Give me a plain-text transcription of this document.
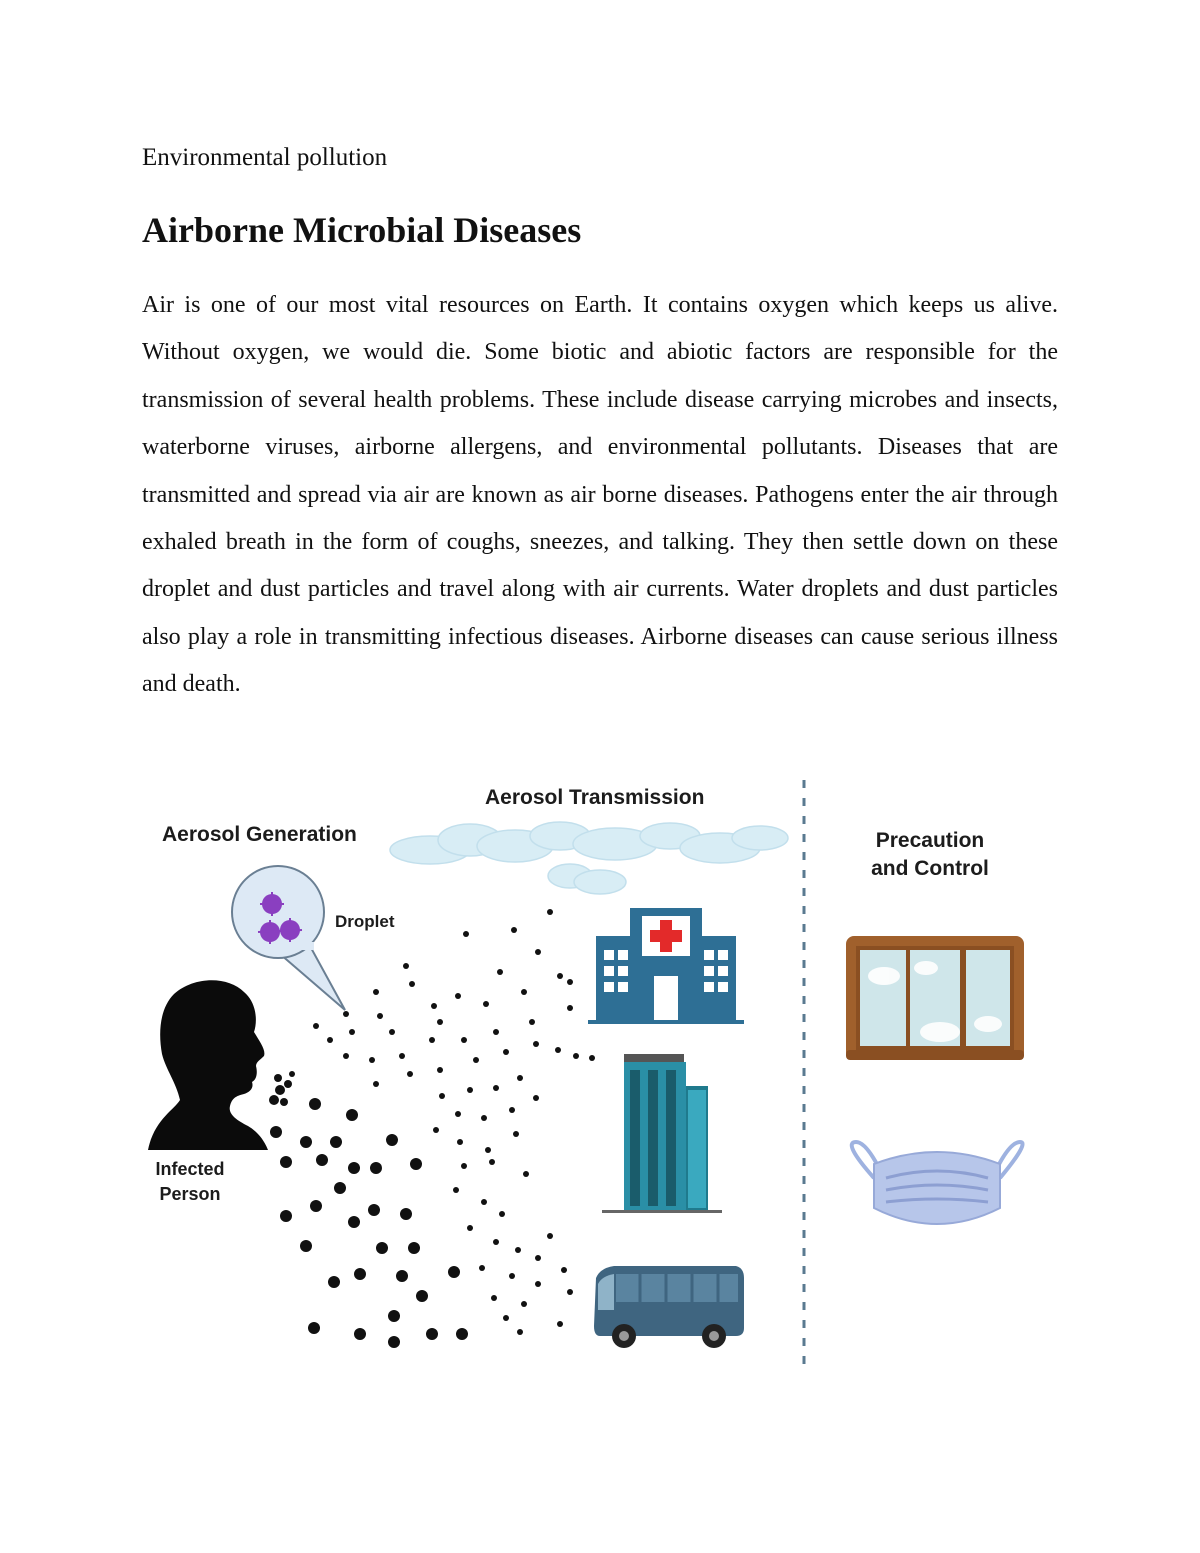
Environmental pollution
Airborne Microbial Diseases

Air is one of our most vital resources on Earth. It contains oxygen which keeps us alive. Without oxygen, we would die. Some biotic and abiotic factors are responsible for the transmission of several health problems. These include disease carrying microbes and insects, waterborne viruses, airborne allergens, and environmental pollutants. Diseases that are transmitted and spread via air are known as air borne diseases. Pathogens enter the air through exhaled breath in the form of coughs, sneezes, and talking. They then settle down on these droplet and dust particles and travel along with air currents. Water droplets and dust particles also play a role in transmitting infectious diseases. Airborne diseases can cause serious illness and death.

Aerosol Transmission
Aerosol Generation	Precaution
and Control
Droplet
Infected
Person
